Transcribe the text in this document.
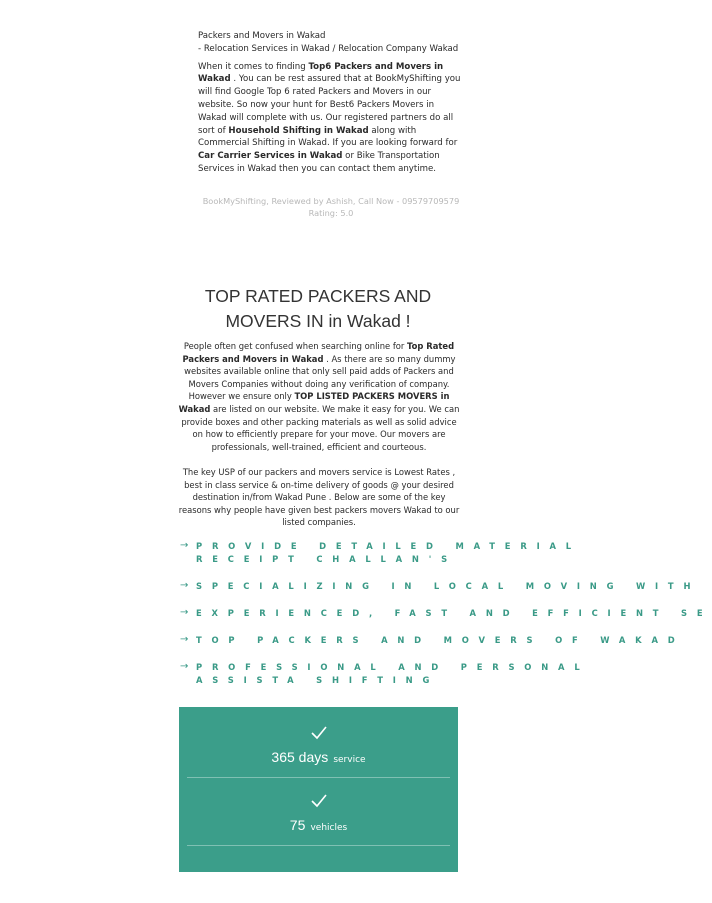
Packers and Movers in Wakad
- Relocation Services in Wakad / Relocation Company Wakad

When it comes to finding Top6 Packers and Movers in Wakad . You can be rest assured that at BookMyShifting you will find Google Top 6 rated Packers and Movers in our website. So now your hunt for Best6 Packers Movers in Wakad will complete with us. Our registered partners do all sort of Household Shifting in Wakad along with Commercial Shifting in Wakad. If you are looking forward for Car Carrier Services in Wakad or Bike Transportation Services in Wakad then you can contact them anytime.

BookMyShifting, Reviewed by Ashish, Call Now - 09579709579 Rating: 5.0
TOP RATED PACKERS AND MOVERS IN in Wakad !
People often get confused when searching online for Top Rated Packers and Movers in Wakad . As there are so many dummy websites available online that only sell paid adds of Packers and Movers Companies without doing any verification of company. However we ensure only TOP LISTED PACKERS MOVERS in Wakad are listed on our website. We make it easy for you. We can provide boxes and other packing materials as well as solid advice on how to efficiently prepare for your move. Our movers are professionals, well-trained, efficient and courteous.
The key USP of our packers and movers service is Lowest Rates , best in class service & on-time delivery of goods @ your desired destination in/from Wakad Pune . Below are some of the key reasons why people have given best packers movers Wakad to our listed companies.
→ PROVIDE DETAILED MATERIAL RECEIPT CHALLAN'S
→ SPECIALIZING IN LOCAL MOVING WITH
→ EXPERIENCED, FAST AND EFFICIENT SE
→ TOP PACKERS AND MOVERS OF WAKAD
→ PROFESSIONAL AND PERSONAL ASSISTA SHIFTING
365 days service
75 vehicles
